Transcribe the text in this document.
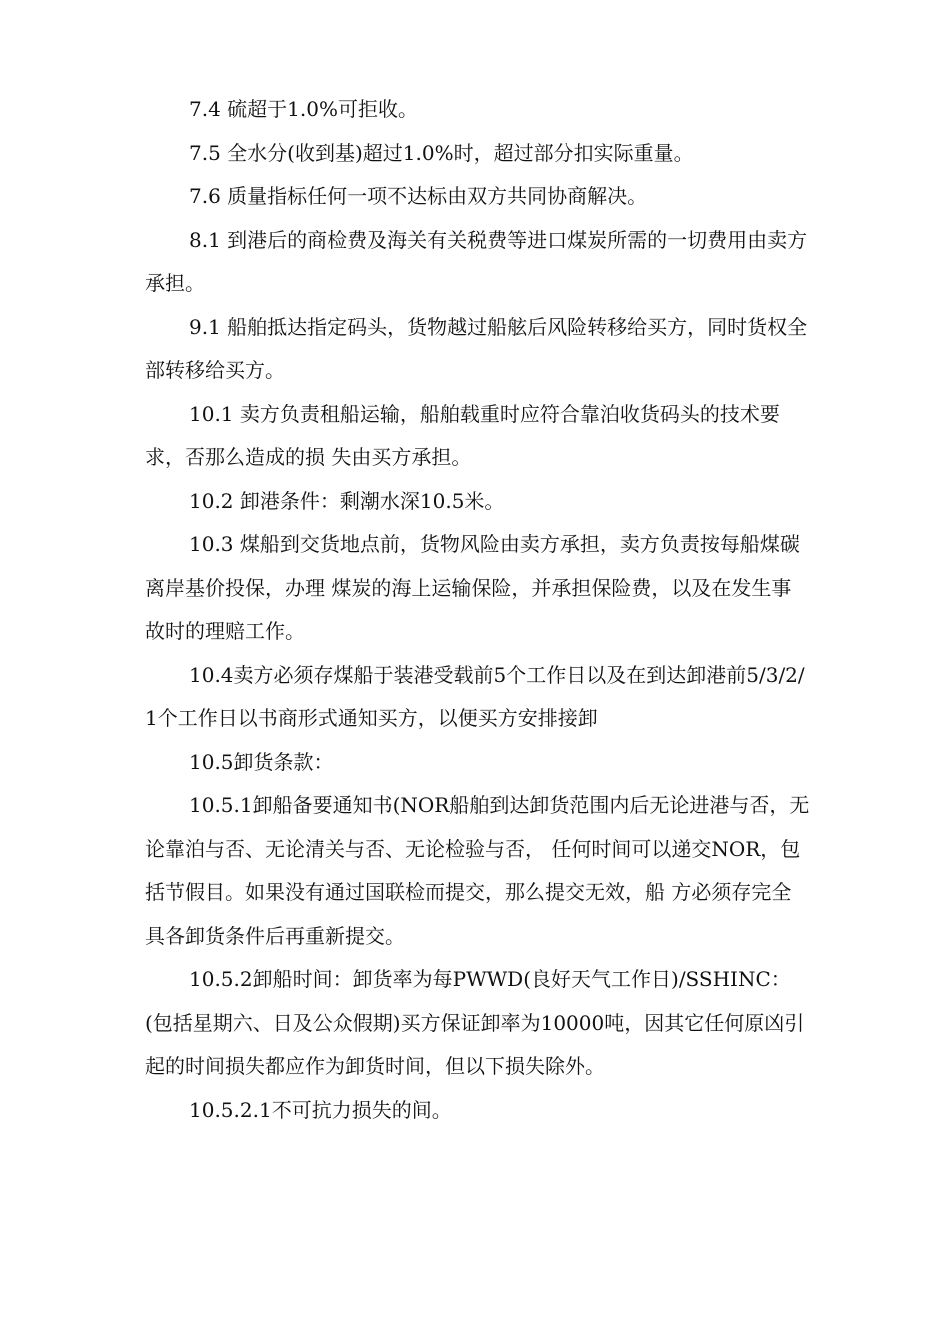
7.4 硫超于1.0%可拒收。

7.5 全水分(收到基)超过1.0%时，超过部分扣实际重量。

7.6 质量指标任何一项不达标由双方共同协商解决。

8.1 到港后的商检费及海关有关税费等进口煤炭所需的一切费用由卖方承担。

9.1 船舶抵达指定码头，货物越过船舷后风险转移给买方，同时货权全部转移给买方。

10.1 卖方负责租船运输，船舶载重时应符合靠泊收货码头的技术要求，否那么造成的损 失由买方承担。

10.2 卸港条件：剩潮水深10.5米。

10.3 煤船到交货地点前，货物风险由卖方承担，卖方负责按每船煤碳离岸基价投保，办理 煤炭的海上运输保险，并承担保险费，以及在发生事故时的理赔工作。

10.4卖方必须存煤船于装港受载前5个工作日以及在到达卸港前5/3/2/1个工作日以书商形式通知买方，以便买方安排接卸

10.5卸货条款：

10.5.1卸船备要通知书(NOR船舶到达卸货范围内后无论进港与否，无论靠泊与否、无论清关与否、无论检验与否， 任何时间可以递交NOR，包括节假目。如果没有通过国联检而提交，那么提交无效，船 方必须存完全具各卸货条件后再重新提交。

10.5.2卸船时间：卸货率为每PWWD(良好天气工作日)/SSHINC：(包括星期六、日及公众假期)买方保证卸率为10000吨，因其它任何原凶引起的时间损失都应作为卸货时间，但以下损失除外。

10.5.2.1不可抗力损失的间。
